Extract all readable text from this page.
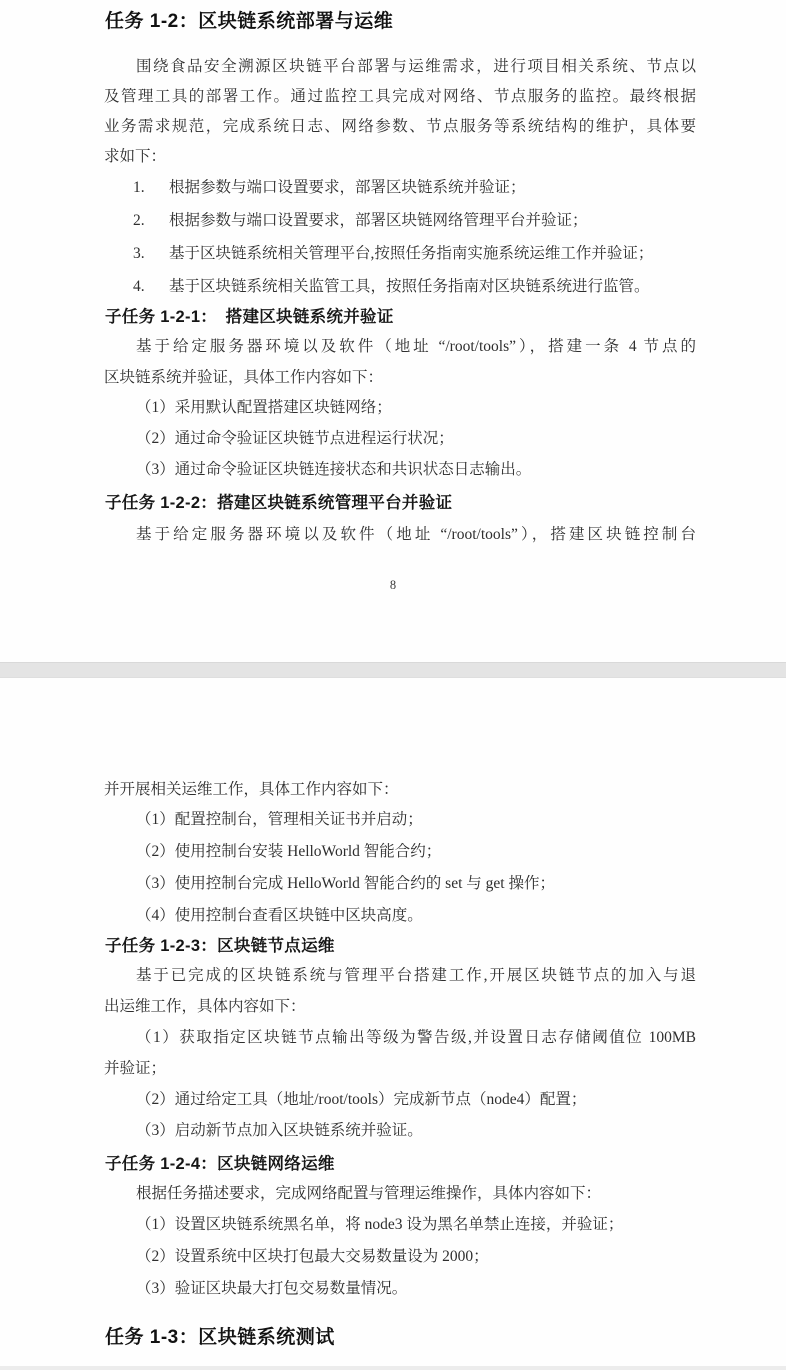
任务 1-2：区块链系统部署与运维
围绕食品安全溯源区块链平台部署与运维需求，进行项目相关系统、节点以
及管理工具的部署工作。通过监控工具完成对网络、节点服务的监控。最终根据
业务需求规范，完成系统日志、网络参数、节点服务等系统结构的维护，具体要
求如下：
1. 根据参数与端口设置要求，部署区块链系统并验证；
2. 根据参数与端口设置要求，部署区块链网络管理平台并验证；
3. 基于区块链系统相关管理平台,按照任务指南实施系统运维工作并验证；
4. 基于区块链系统相关监管工具，按照任务指南对区块链系统进行监管。
子任务 1-2-1：　搭建区块链系统并验证
基于给定服务器环境以及软件（地址 “/root/tools”），搭建一条 4 节点的
区块链系统并验证，具体工作内容如下：
（1）采用默认配置搭建区块链网络；
（2）通过命令验证区块链节点进程运行状况；
（3）通过命令验证区块链连接状态和共识状态日志输出。
子任务 1-2-2：搭建区块链系统管理平台并验证
基于给定服务器环境以及软件（地址 “/root/tools”），搭建区块链控制台
8
并开展相关运维工作，具体工作内容如下：
（1）配置控制台，管理相关证书并启动；
（2）使用控制台安装 HelloWorld 智能合约；
（3）使用控制台完成 HelloWorld 智能合约的 set 与 get 操作；
（4）使用控制台查看区块链中区块高度。
子任务 1-2-3：区块链节点运维
基于已完成的区块链系统与管理平台搭建工作,开展区块链节点的加入与退
出运维工作，具体内容如下：
（1）获取指定区块链节点输出等级为警告级,并设置日志存储阈值位 100MB
并验证；
（2）通过给定工具（地址/root/tools）完成新节点（node4）配置；
（3）启动新节点加入区块链系统并验证。
子任务 1-2-4：区块链网络运维
根据任务描述要求，完成网络配置与管理运维操作，具体内容如下：
（1）设置区块链系统黑名单，将 node3 设为黑名单禁止连接，并验证；
（2）设置系统中区块打包最大交易数量设为 2000；
（3）验证区块最大打包交易数量情况。
任务 1-3：区块链系统测试
